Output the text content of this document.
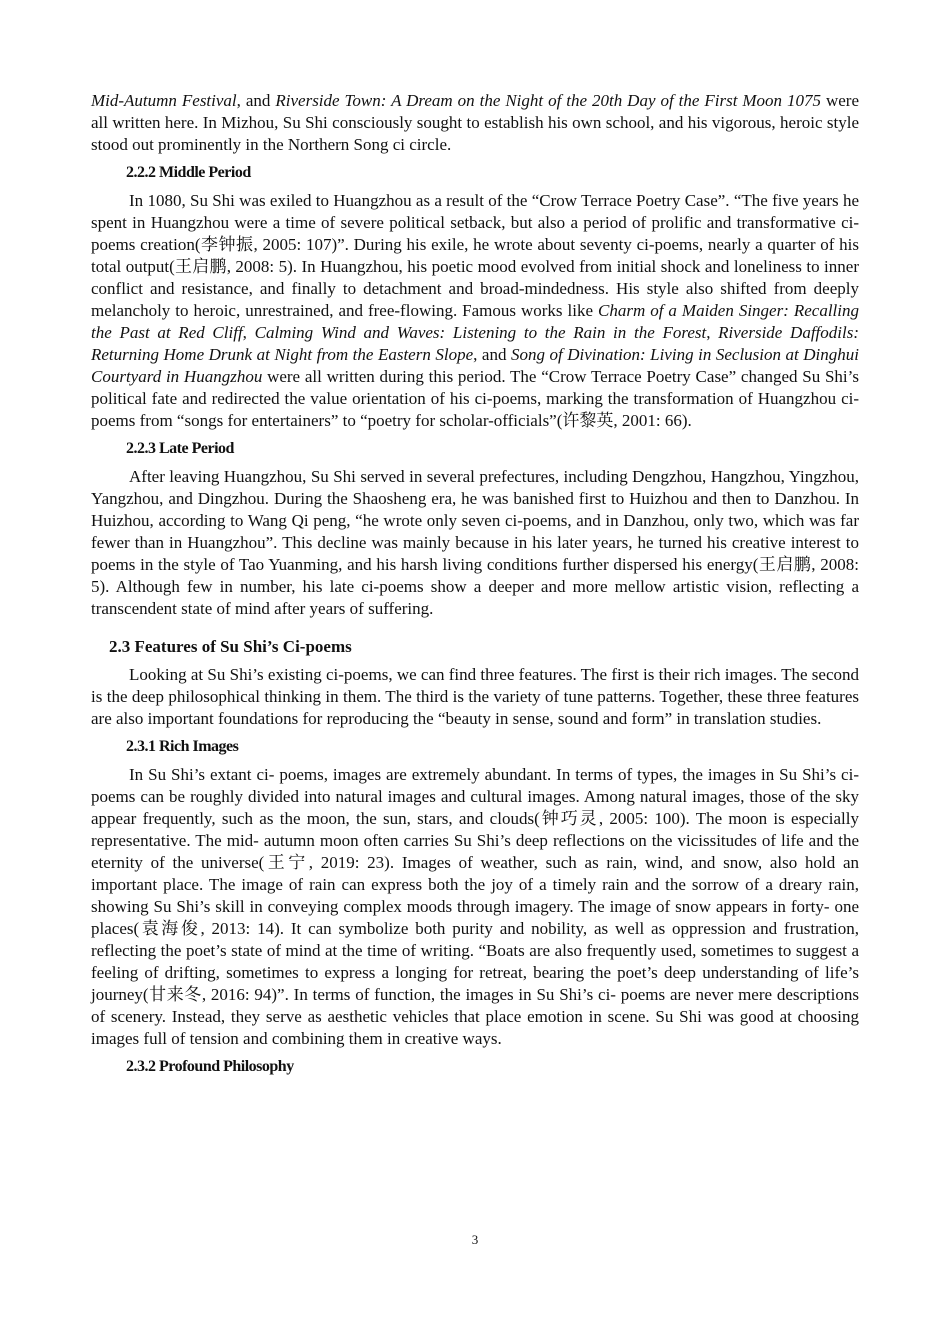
Mid-Autumn Festival, and Riverside Town: A Dream on the Night of the 20th Day of the First Moon 1075 were all written here. In Mizhou, Su Shi consciously sought to establish his own school, and his vigorous, heroic style stood out prominently in the Northern Song ci circle.

2.2.2 Middle Period

In 1080, Su Shi was exiled to Huangzhou as a result of the “Crow Terrace Poetry Case”. “The five years he spent in Huangzhou were a time of severe political setback, but also a period of prolific and transformative ci-poems creation(李钟振, 2005: 107)”. During his exile, he wrote about seventy ci-poems, nearly a quarter of his total output(王启鹏, 2008: 5). In Huangzhou, his poetic mood evolved from initial shock and loneliness to inner conflict and resistance, and finally to detachment and broad-mindedness. His style also shifted from deeply melancholy to heroic, unrestrained, and free-flowing. Famous works like Charm of a Maiden Singer: Recalling the Past at Red Cliff, Calming Wind and Waves: Listening to the Rain in the Forest, Riverside Daffodils: Returning Home Drunk at Night from the Eastern Slope, and Song of Divination: Living in Seclusion at Dinghui Courtyard in Huangzhou were all written during this period. The “Crow Terrace Poetry Case” changed Su Shi’s political fate and redirected the value orientation of his ci-poems, marking the transformation of Huangzhou ci-poems from “songs for entertainers” to “poetry for scholar-officials”(许黎英, 2001: 66).

2.2.3 Late Period

After leaving Huangzhou, Su Shi served in several prefectures, including Dengzhou, Hangzhou, Yingzhou, Yangzhou, and Dingzhou. During the Shaosheng era, he was banished first to Huizhou and then to Danzhou. In Huizhou, according to Wang Qi peng, “he wrote only seven ci-poems, and in Danzhou, only two, which was far fewer than in Huangzhou”. This decline was mainly because in his later years, he turned his creative interest to poems in the style of Tao Yuanming, and his harsh living conditions further dispersed his energy(王启鹏, 2008: 5). Although few in number, his late ci-poems show a deeper and more mellow artistic vision, reflecting a transcendent state of mind after years of suffering.

2.3 Features of Su Shi’s Ci-poems

Looking at Su Shi’s existing ci-poems, we can find three features. The first is their rich images. The second is the deep philosophical thinking in them. The third is the variety of tune patterns. Together, these three features are also important foundations for reproducing the “beauty in sense, sound and form” in translation studies.

2.3.1 Rich Images

In Su Shi’s extant ci- poems, images are extremely abundant. In terms of types, the images in Su Shi’s ci- poems can be roughly divided into natural images and cultural images. Among natural images, those of the sky appear frequently, such as the moon, the sun, stars, and clouds(钟巧灵, 2005: 100). The moon is especially representative. The mid- autumn moon often carries Su Shi’s deep reflections on the vicissitudes of life and the eternity of the universe(王宁, 2019: 23). Images of weather, such as rain, wind, and snow, also hold an important place. The image of rain can express both the joy of a timely rain and the sorrow of a dreary rain, showing Su Shi’s skill in conveying complex moods through imagery. The image of snow appears in forty- one places(袁海俊, 2013: 14). It can symbolize both purity and nobility, as well as oppression and frustration, reflecting the poet’s state of mind at the time of writing. “Boats are also frequently used, sometimes to suggest a feeling of drifting, sometimes to express a longing for retreat, bearing the poet’s deep understanding of life’s journey(甘来冬, 2016: 94)”. In terms of function, the images in Su Shi’s ci- poems are never mere descriptions of scenery. Instead, they serve as aesthetic vehicles that place emotion in scene. Su Shi was good at choosing images full of tension and combining them in creative ways.

2.3.2 Profound Philosophy
3
